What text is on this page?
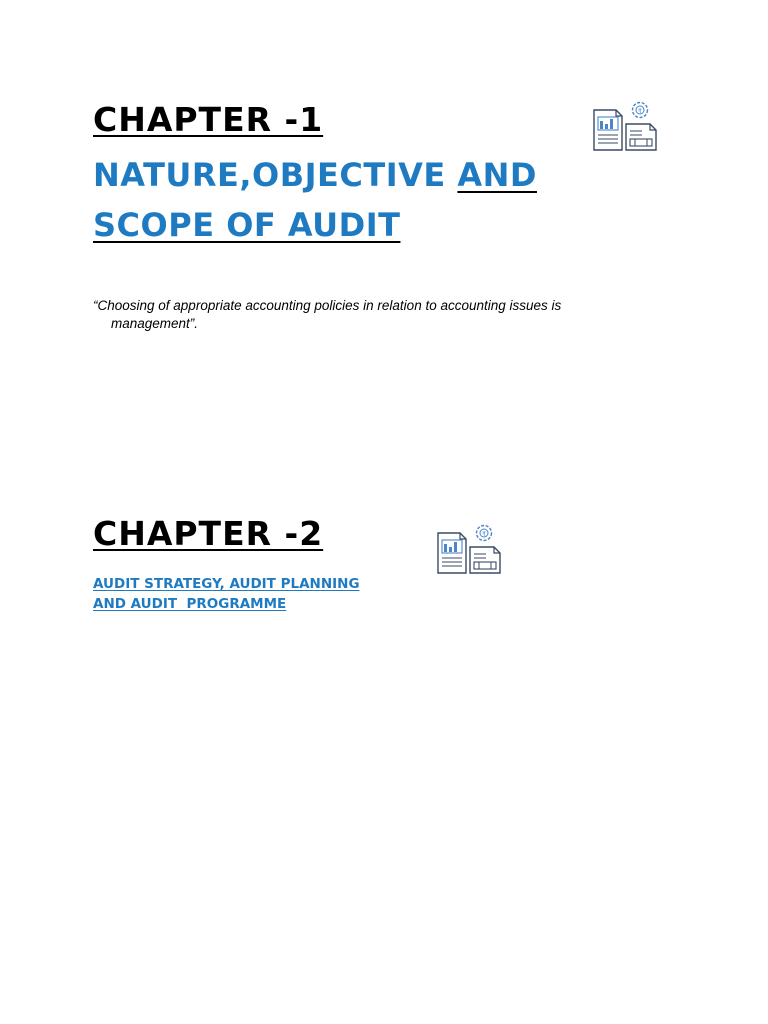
CHAPTER -1	₹
NATURE,OBJECTIVE AND
SCOPE OF AUDIT
“Choosing of appropriate accounting policies in relation to accounting issues is
management”.
CHAPTER -2	₹
AUDIT STRATEGY, AUDIT PLANNING
AND AUDIT  PROGRAMME
